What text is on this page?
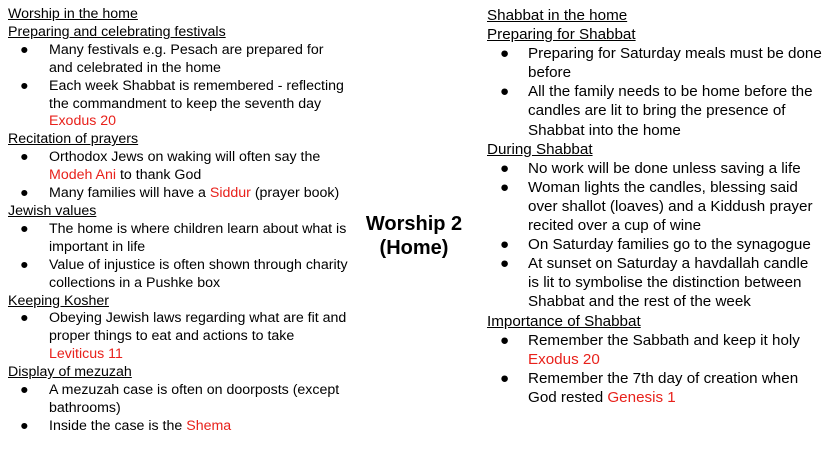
Worship in the home
Preparing and celebrating festivals
● Many festivals e.g. Pesach are prepared for and celebrated in the home
● Each week Shabbat is remembered - reflecting the commandment to keep the seventh day Exodus 20
Recitation of prayers
● Orthodox Jews on waking will often say the Modeh Ani to thank God
● Many families will have a Siddur (prayer book)
Jewish values
● The home is where children learn about what is important in life
● Value of injustice is often shown through charity collections in a Pushke box
Keeping Kosher
● Obeying Jewish laws regarding what are fit and proper things to eat and actions to take Leviticus 11
Display of mezuzah
● A mezuzah case is often on doorposts (except bathrooms)
● Inside the case is the Shema
Worship 2
(Home)
Shabbat in the home
Preparing for Shabbat
● Preparing for Saturday meals must be done before
● All the family needs to be home before the candles are lit to bring the presence of Shabbat into the home
During Shabbat
● No work will be done unless saving a life
● Woman lights the candles, blessing said over shallot (loaves) and a Kiddush prayer recited over a cup of wine
● On Saturday families go to the synagogue
● At sunset on Saturday a havdallah candle is lit to symbolise the distinction between Shabbat and the rest of the week
Importance of Shabbat
● Remember the Sabbath and keep it holy Exodus 20
● Remember the 7th day of creation when God rested Genesis 1
